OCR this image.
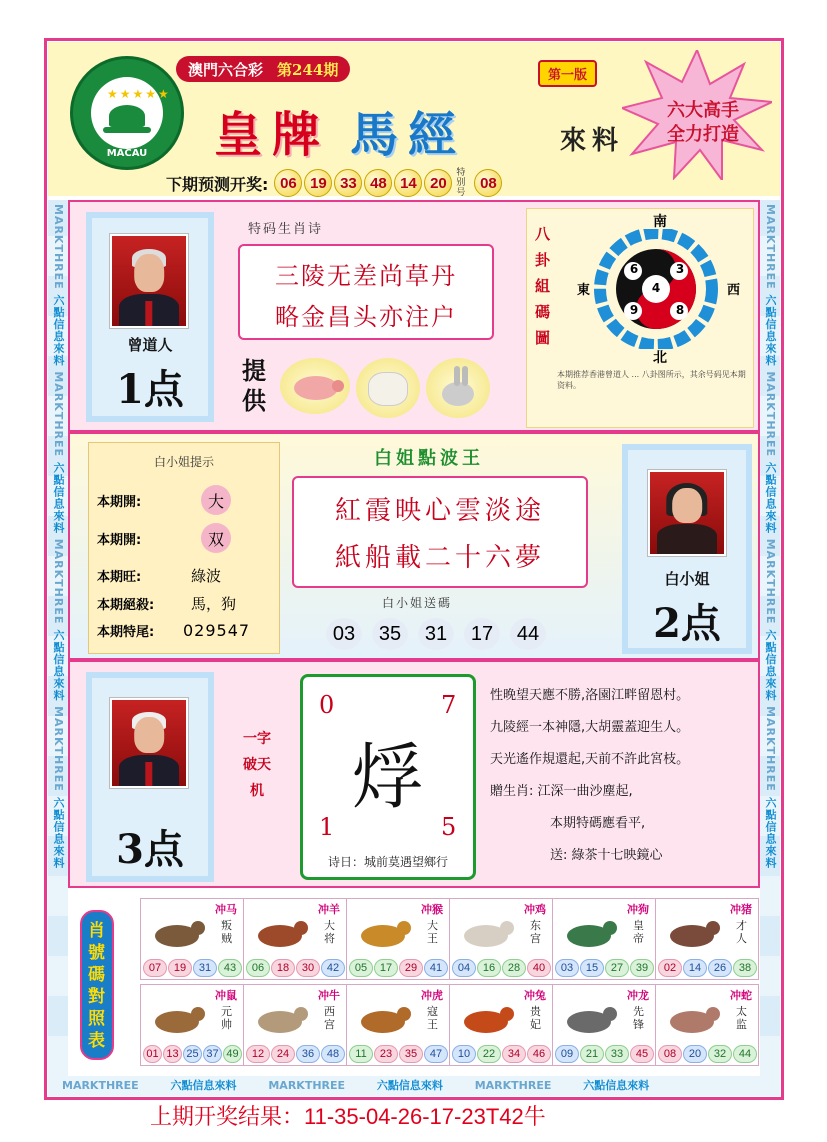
★★★★★
MACAU
澳門六合彩 第244期	第一版
皇牌 馬經	來料
六大高手
全力打造
下期预测开奖: 06 19 33 48 14 20
特别号
08
MARKTHREE 六點信息來料 MARKTHREE 六點信息來料 MARKTHREE 六點信息來料 MARKTHREE 六點信息來料
MARKTHREE 六點信息來料 MARKTHREE 六點信息來料 MARKTHREE 六點信息來料 MARKTHREE 六點信息來料
曾道人
1点
特码生肖诗
三陵无差尚草丹
略金昌头亦注户
提供
八卦組碼圖
南
北
東	西
6	3
4
9	8
本期推荐香港曾道人 ... 八卦图所示，其余号码见本期资料。
白小姐提示
本期開:	大
本期開:	双
本期旺:	綠波
本期絕殺:	馬，狗
本期特尾:	029547
白姐點波王
紅霞映心雲淡途
紙船載二十六夢
白小姐送碼
03	35	31	17	44
白小姐
2点
3点
一字破天机
0	7
烰
1	5
诗日：城前莫遇望鄉行
性晚望天應不勝,洛園江畔留恩村。
九陵經一本神隱,大胡靈蓋迎生人。
天光遙作規還起,天前不許此宮枝。
贈生肖: 江深一曲沙塵起,
本期特碼應看平,
送: 綠茶十七映鏡心
肖號碼對照表
冲马
叛贼
07	19	31	43
冲羊
大将
06	18	30	42
冲猴
大王
05	17	29	41
冲鸡
东宫
04	16	28	40
冲狗
皇帝
03	15	27	39
冲猪
才人
02	14	26	38
冲鼠
元帅
01 13 25 37 49
冲牛
西宫
12	24	36	48
冲虎
寇王
11	23	35	47
冲兔
贵妃
10	22	34	46
冲龙
先锋
09	21	33	45
冲蛇
太监
08	20	32	44
MARKTHREE	六點信息來料	MARKTHREE	六點信息來料	MARKTHREE	六點信息來料
上期开奖结果：11-35-04-26-17-23T42牛
